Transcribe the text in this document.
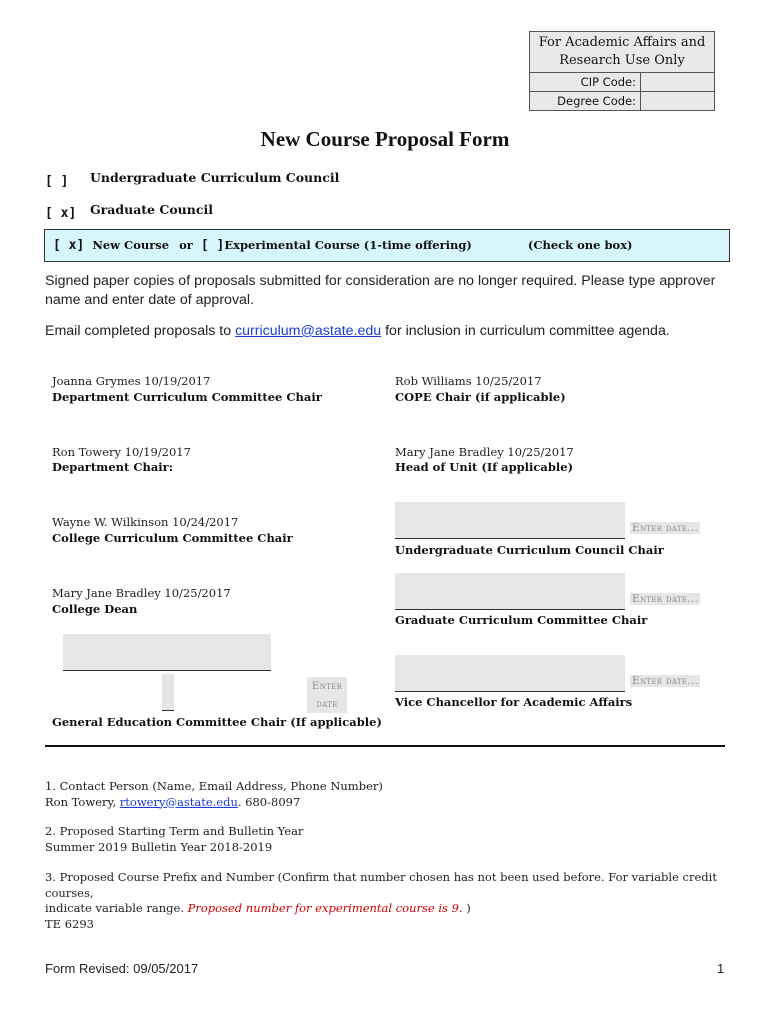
For Academic Affairs and Research Use Only
CIP Code:
Degree Code:
New Course Proposal Form
[ ] Undergraduate Curriculum Council
[ x] Graduate Council
[ x] New Course or [ ]Experimental Course (1-time offering)	(Check one box)
Signed paper copies of proposals submitted for consideration are no longer required. Please type approver
name and enter date of approval.
Email completed proposals to curriculum@astate.edu for inclusion in curriculum committee agenda.
Joanna Grymes 10/19/2017
Department Curriculum Committee Chair
Ron Towery 10/19/2017
Department Chair:
Wayne W. Wilkinson 10/24/2017
College Curriculum Committee Chair
Mary Jane Bradley 10/25/2017
College Dean
Enter
date
General Education Committee Chair (If applicable)
Rob Williams 10/25/2017
COPE Chair (if applicable)
Mary Jane Bradley 10/25/2017
Head of Unit (If applicable)
Enter date...
Undergraduate Curriculum Council Chair
Enter date...
Graduate Curriculum Committee Chair
Enter date...
Vice Chancellor for Academic Affairs
1. Contact Person (Name, Email Address, Phone Number)
Ron Towery, rtowery@astate.edu. 680-8097
2. Proposed Starting Term and Bulletin Year
Summer 2019 Bulletin Year 2018-2019
3. Proposed Course Prefix and Number (Confirm that number chosen has not been used before. For variable credit courses,
indicate variable range. Proposed number for experimental course is 9. )
TE 6293
Form Revised: 09/05/2017	1
